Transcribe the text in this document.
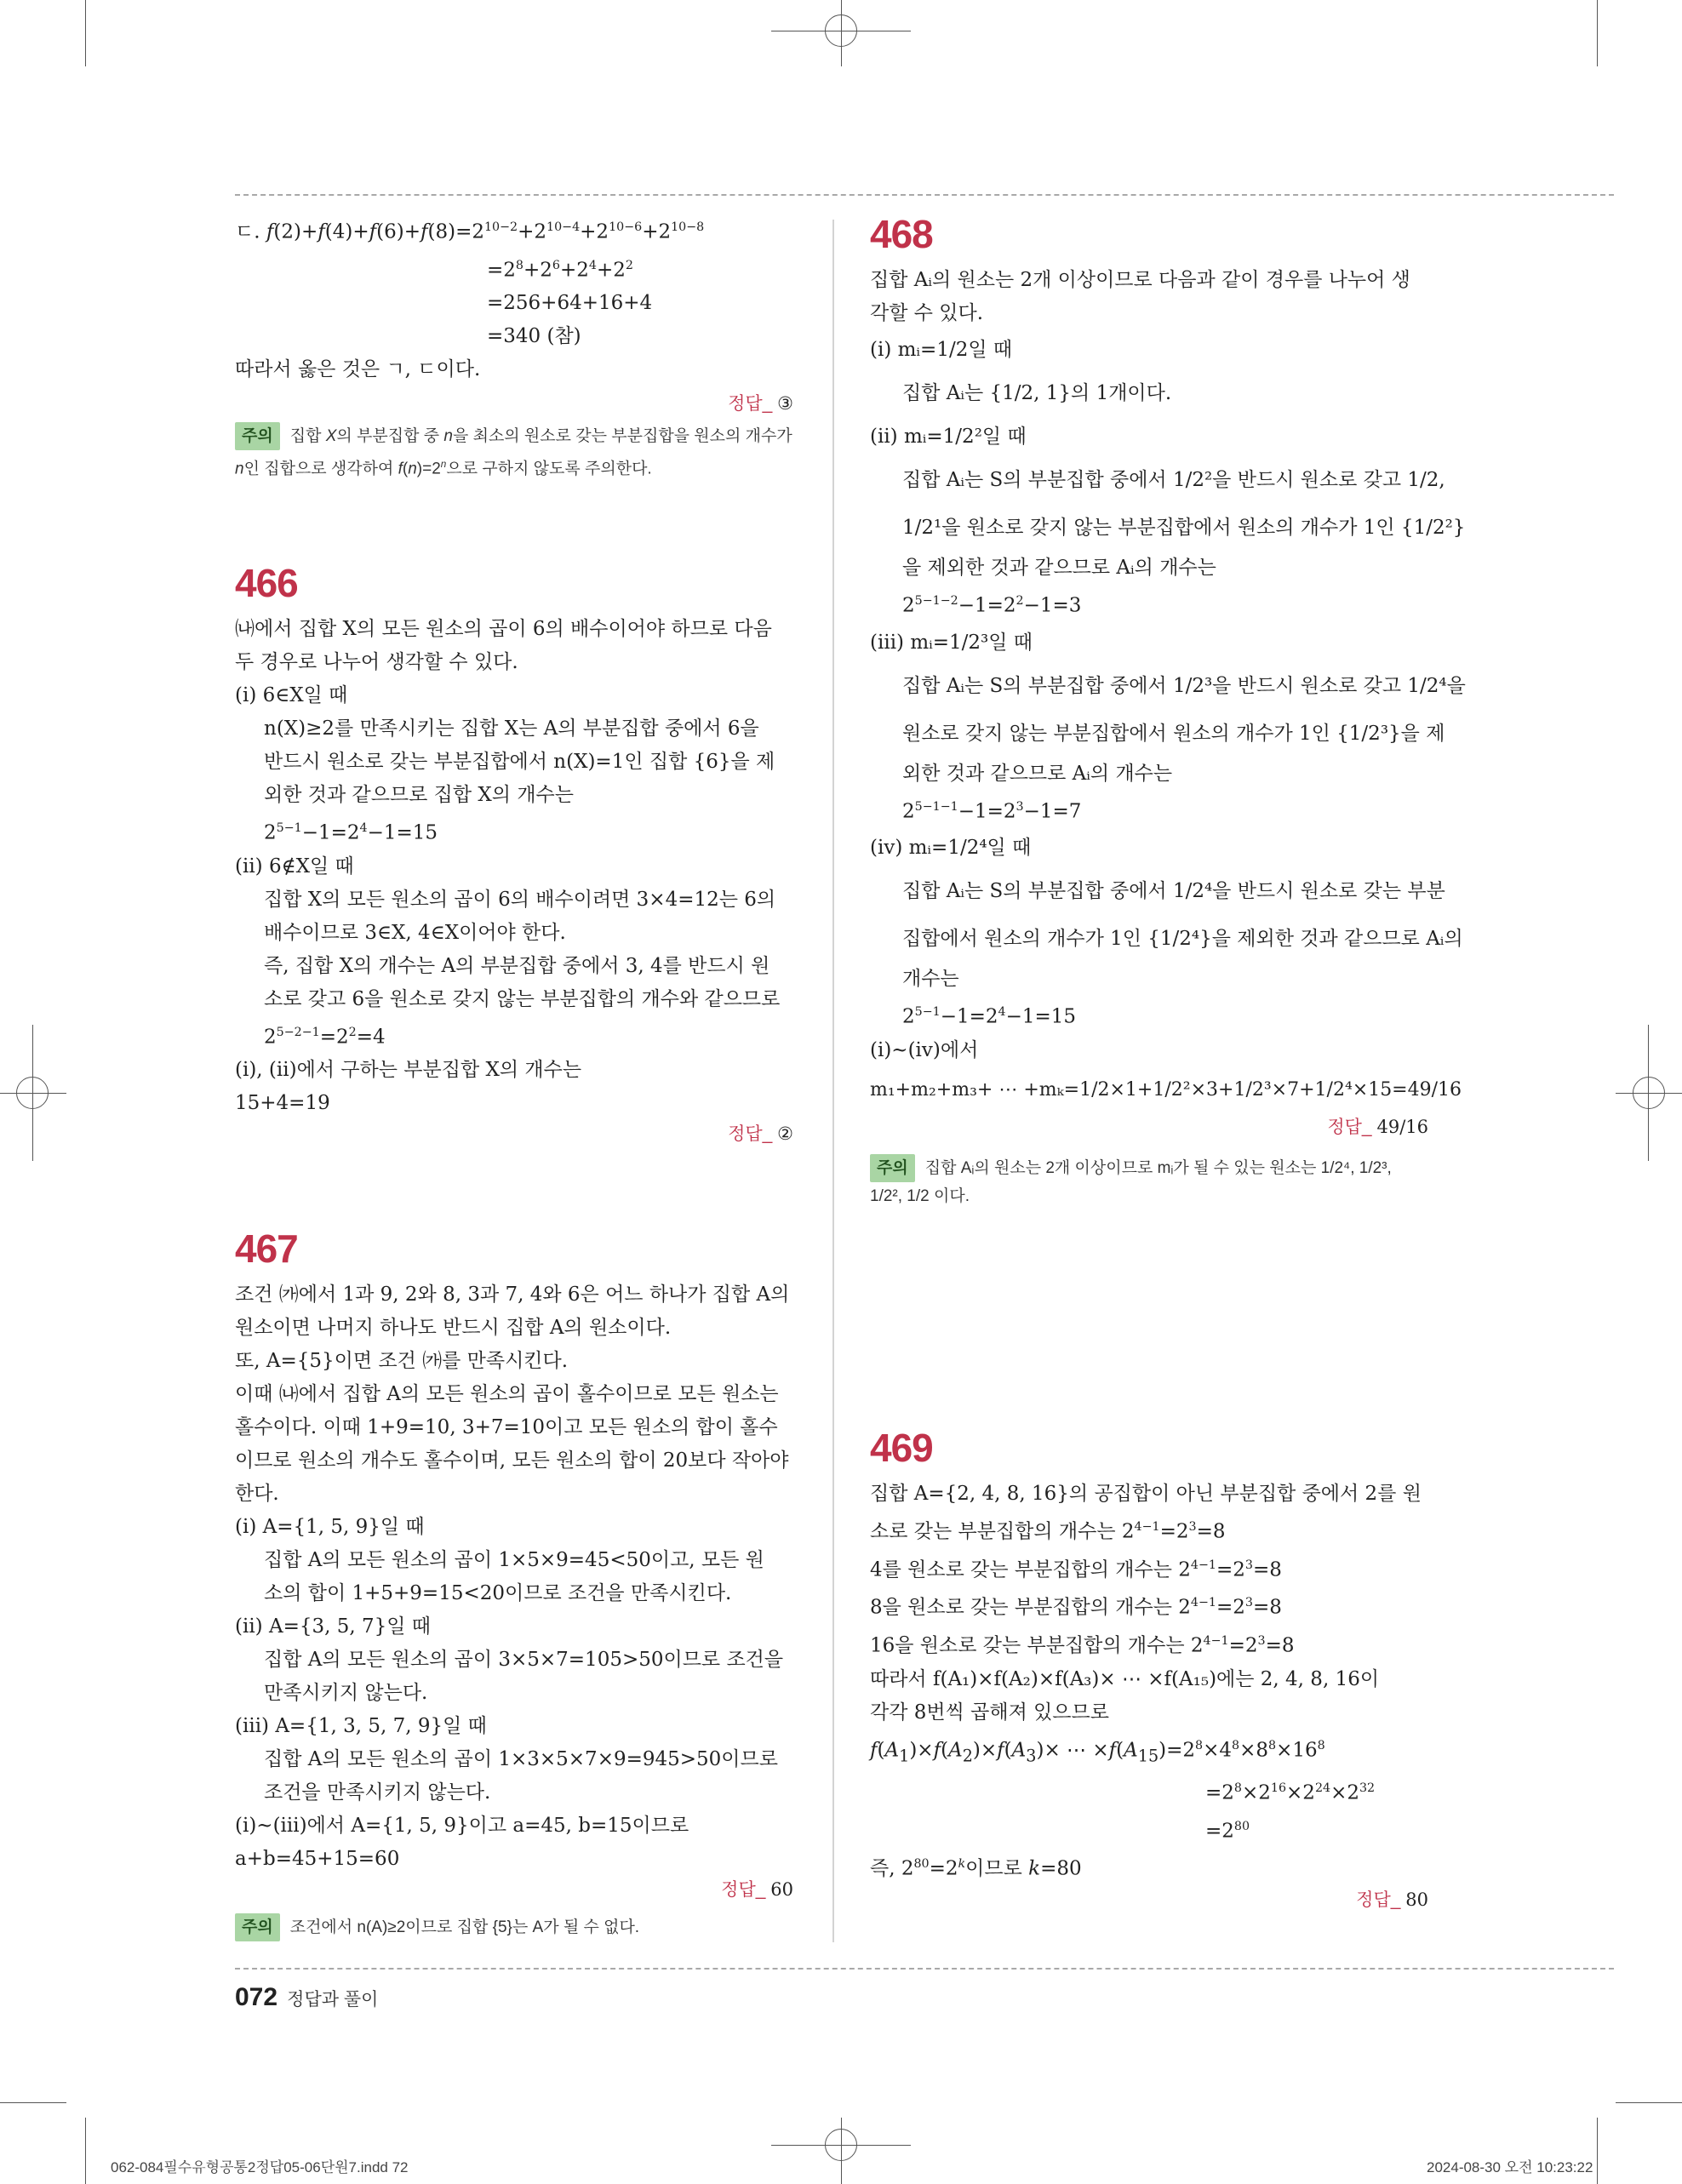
ㄷ. $f(2)+f(4)+f(6)+f(8)=2^{10-2}+2^{10-4}+2^{10-6}+2^{10-8}$
$=2^8+2^6+2^4+2^2$
=256+64+16+4
=340 (참)
따라서 옳은 것은 ㄱ, ㄷ이다.
정답_ ③
주의 집합 X의 부분집합 중 n을 최소의 원소로 갖는 부분집합을 원소의 개수가 n인 집합으로 생각하여 $f(n)=2^n$으로 구하지 않도록 주의한다.
466
㈏에서 집합 X의 모든 원소의 곱이 6의 배수이어야 하므로 다음
두 경우로 나누어 생각할 수 있다.
(ⅰ) 6∈X일 때
n(X)≥2를 만족시키는 집합 X는 A의 부분집합 중에서 6을
반드시 원소로 갖는 부분집합에서 n(X)=1인 집합 {6}을 제
외한 것과 같으므로 집합 X의 개수는
$2^{5-1}-1=2^4-1=15$
(ⅱ) 6∉X일 때
집합 X의 모든 원소의 곱이 6의 배수이려면 3×4=12는 6의
배수이므로 3∈X, 4∈X이어야 한다.
즉, 집합 X의 개수는 A의 부분집합 중에서 3, 4를 반드시 원
소로 갖고 6을 원소로 갖지 않는 부분집합의 개수와 같으므로
$2^{5-2-1}=2^2=4$
(ⅰ), (ⅱ)에서 구하는 부분집합 X의 개수는
15+4=19
정답_ ②
467
조건 ㈎에서 1과 9, 2와 8, 3과 7, 4와 6은 어느 하나가 집합 A의
원소이면 나머지 하나도 반드시 집합 A의 원소이다.
또, A={5}이면 조건 ㈎를 만족시킨다.
이때 ㈏에서 집합 A의 모든 원소의 곱이 홀수이므로 모든 원소는
홀수이다. 이때 1+9=10, 3+7=10이고 모든 원소의 합이 홀수
이므로 원소의 개수도 홀수이며, 모든 원소의 합이 20보다 작아야
한다.
(ⅰ) A={1, 5, 9}일 때
집합 A의 모든 원소의 곱이 1×5×9=45<50이고, 모든 원
소의 합이 1+5+9=15<20이므로 조건을 만족시킨다.
(ⅱ) A={3, 5, 7}일 때
집합 A의 모든 원소의 곱이 3×5×7=105>50이므로 조건을
만족시키지 않는다.
(ⅲ) A={1, 3, 5, 7, 9}일 때
집합 A의 모든 원소의 곱이 1×3×5×7×9=945>50이므로
조건을 만족시키지 않는다.
(ⅰ)~(ⅲ)에서 A={1, 5, 9}이고 a=45, b=15이므로
a+b=45+15=60
정답_ 60
주의 조건에서 n(A)≥2이므로 집합 {5}는 A가 될 수 없다.
468
집합 Aᵢ의 원소는 2개 이상이므로 다음과 같이 경우를 나누어 생
각할 수 있다.
(ⅰ) mᵢ=1/2일 때
집합 Aᵢ는 {1/2, 1}의 1개이다.
(ⅱ) mᵢ=1/2²일 때
집합 Aᵢ는 S의 부분집합 중에서 1/2²을 반드시 원소로 갖고 1/2,
1/2¹을 원소로 갖지 않는 부분집합에서 원소의 개수가 1인 {1/2²}
을 제외한 것과 같으므로 Aᵢ의 개수는
$2^{5-1-2}-1=2^2-1=3$
(ⅲ) mᵢ=1/2³일 때
집합 Aᵢ는 S의 부분집합 중에서 1/2³을 반드시 원소로 갖고 1/2⁴을
원소로 갖지 않는 부분집합에서 원소의 개수가 1인 {1/2³}을 제
외한 것과 같으므로 Aᵢ의 개수는
$2^{5-1-1}-1=2^3-1=7$
(ⅳ) mᵢ=1/2⁴일 때
집합 Aᵢ는 S의 부분집합 중에서 1/2⁴을 반드시 원소로 갖는 부분
집합에서 원소의 개수가 1인 {1/2⁴}을 제외한 것과 같으므로 Aᵢ의
개수는
$2^{5-1}-1=2^4-1=15$
(ⅰ)~(ⅳ)에서
m₁+m₂+m₃+ ⋯ +mₖ=1/2×1+1/2²×3+1/2³×7+1/2⁴×15=49/16
정답_ 49/16
주의 집합 Aᵢ의 원소는 2개 이상이므로 mᵢ가 될 수 있는 원소는 1/2⁴, 1/2³, 1/2², 1/2 이다.
469
집합 A={2, 4, 8, 16}의 공집합이 아닌 부분집합 중에서 2를 원
소로 갖는 부분집합의 개수는 $2^{4-1}=2^3=8$
4를 원소로 갖는 부분집합의 개수는 $2^{4-1}=2^3=8$
8을 원소로 갖는 부분집합의 개수는 $2^{4-1}=2^3=8$
16을 원소로 갖는 부분집합의 개수는 $2^{4-1}=2^3=8$
따라서 f(A₁)×f(A₂)×f(A₃)× ⋯ ×f(A₁₅)에는 2, 4, 8, 16이
각각 8번씩 곱해져 있으므로
$f(A_1)\times f(A_2)\times f(A_3)\times$ ⋯ $\times f(A_{15})=2^8\times 4^8\times 8^8\times 16^8$
$=2^8\times 2^{16}\times 2^{24}\times 2^{32}$
$=2^{80}$
즉, $2^{80}=2^k$이므로 k=80
정답_ 80
072 정답과 풀이
062-084필수유형공통2정답05-06단원7.indd 72	2024-08-30 오전 10:23:22
